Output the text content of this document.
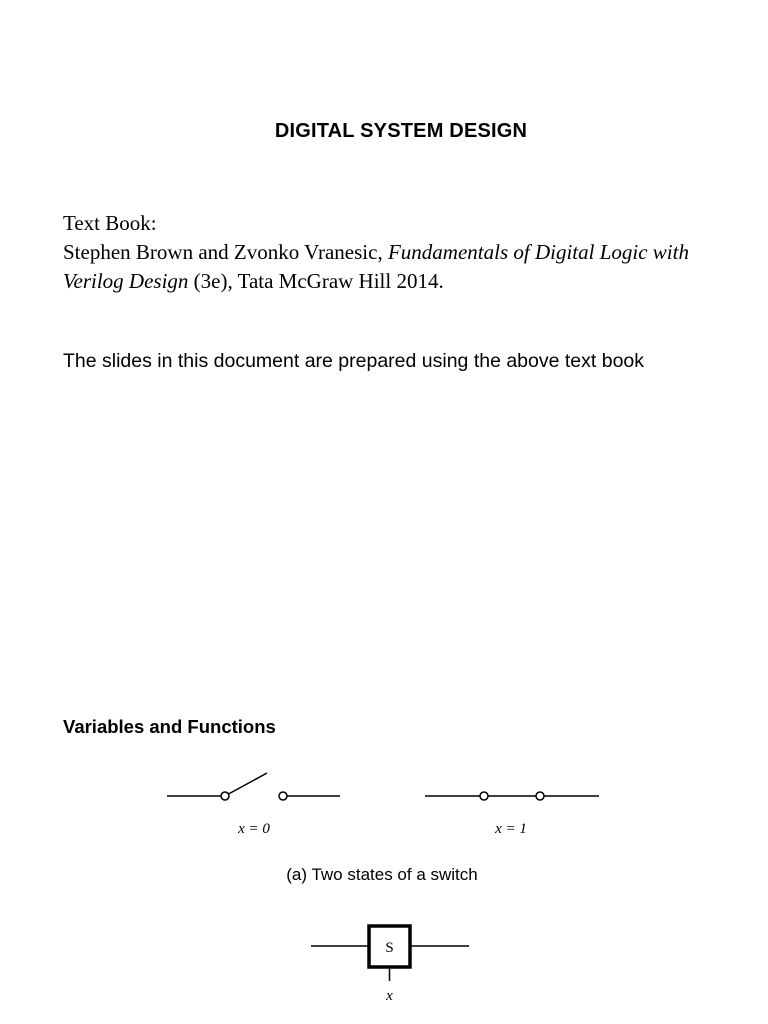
DIGITAL SYSTEM DESIGN

Text Book:

Stephen Brown and Zvonko Vranesic, Fundamentals of Digital Logic with Verilog Design (3e), Tata McGraw Hill 2014.

The slides in this document are prepared using the above text book
Variables and Functions
x = 0	x = 1
(a) Two states of a switch
S
x
